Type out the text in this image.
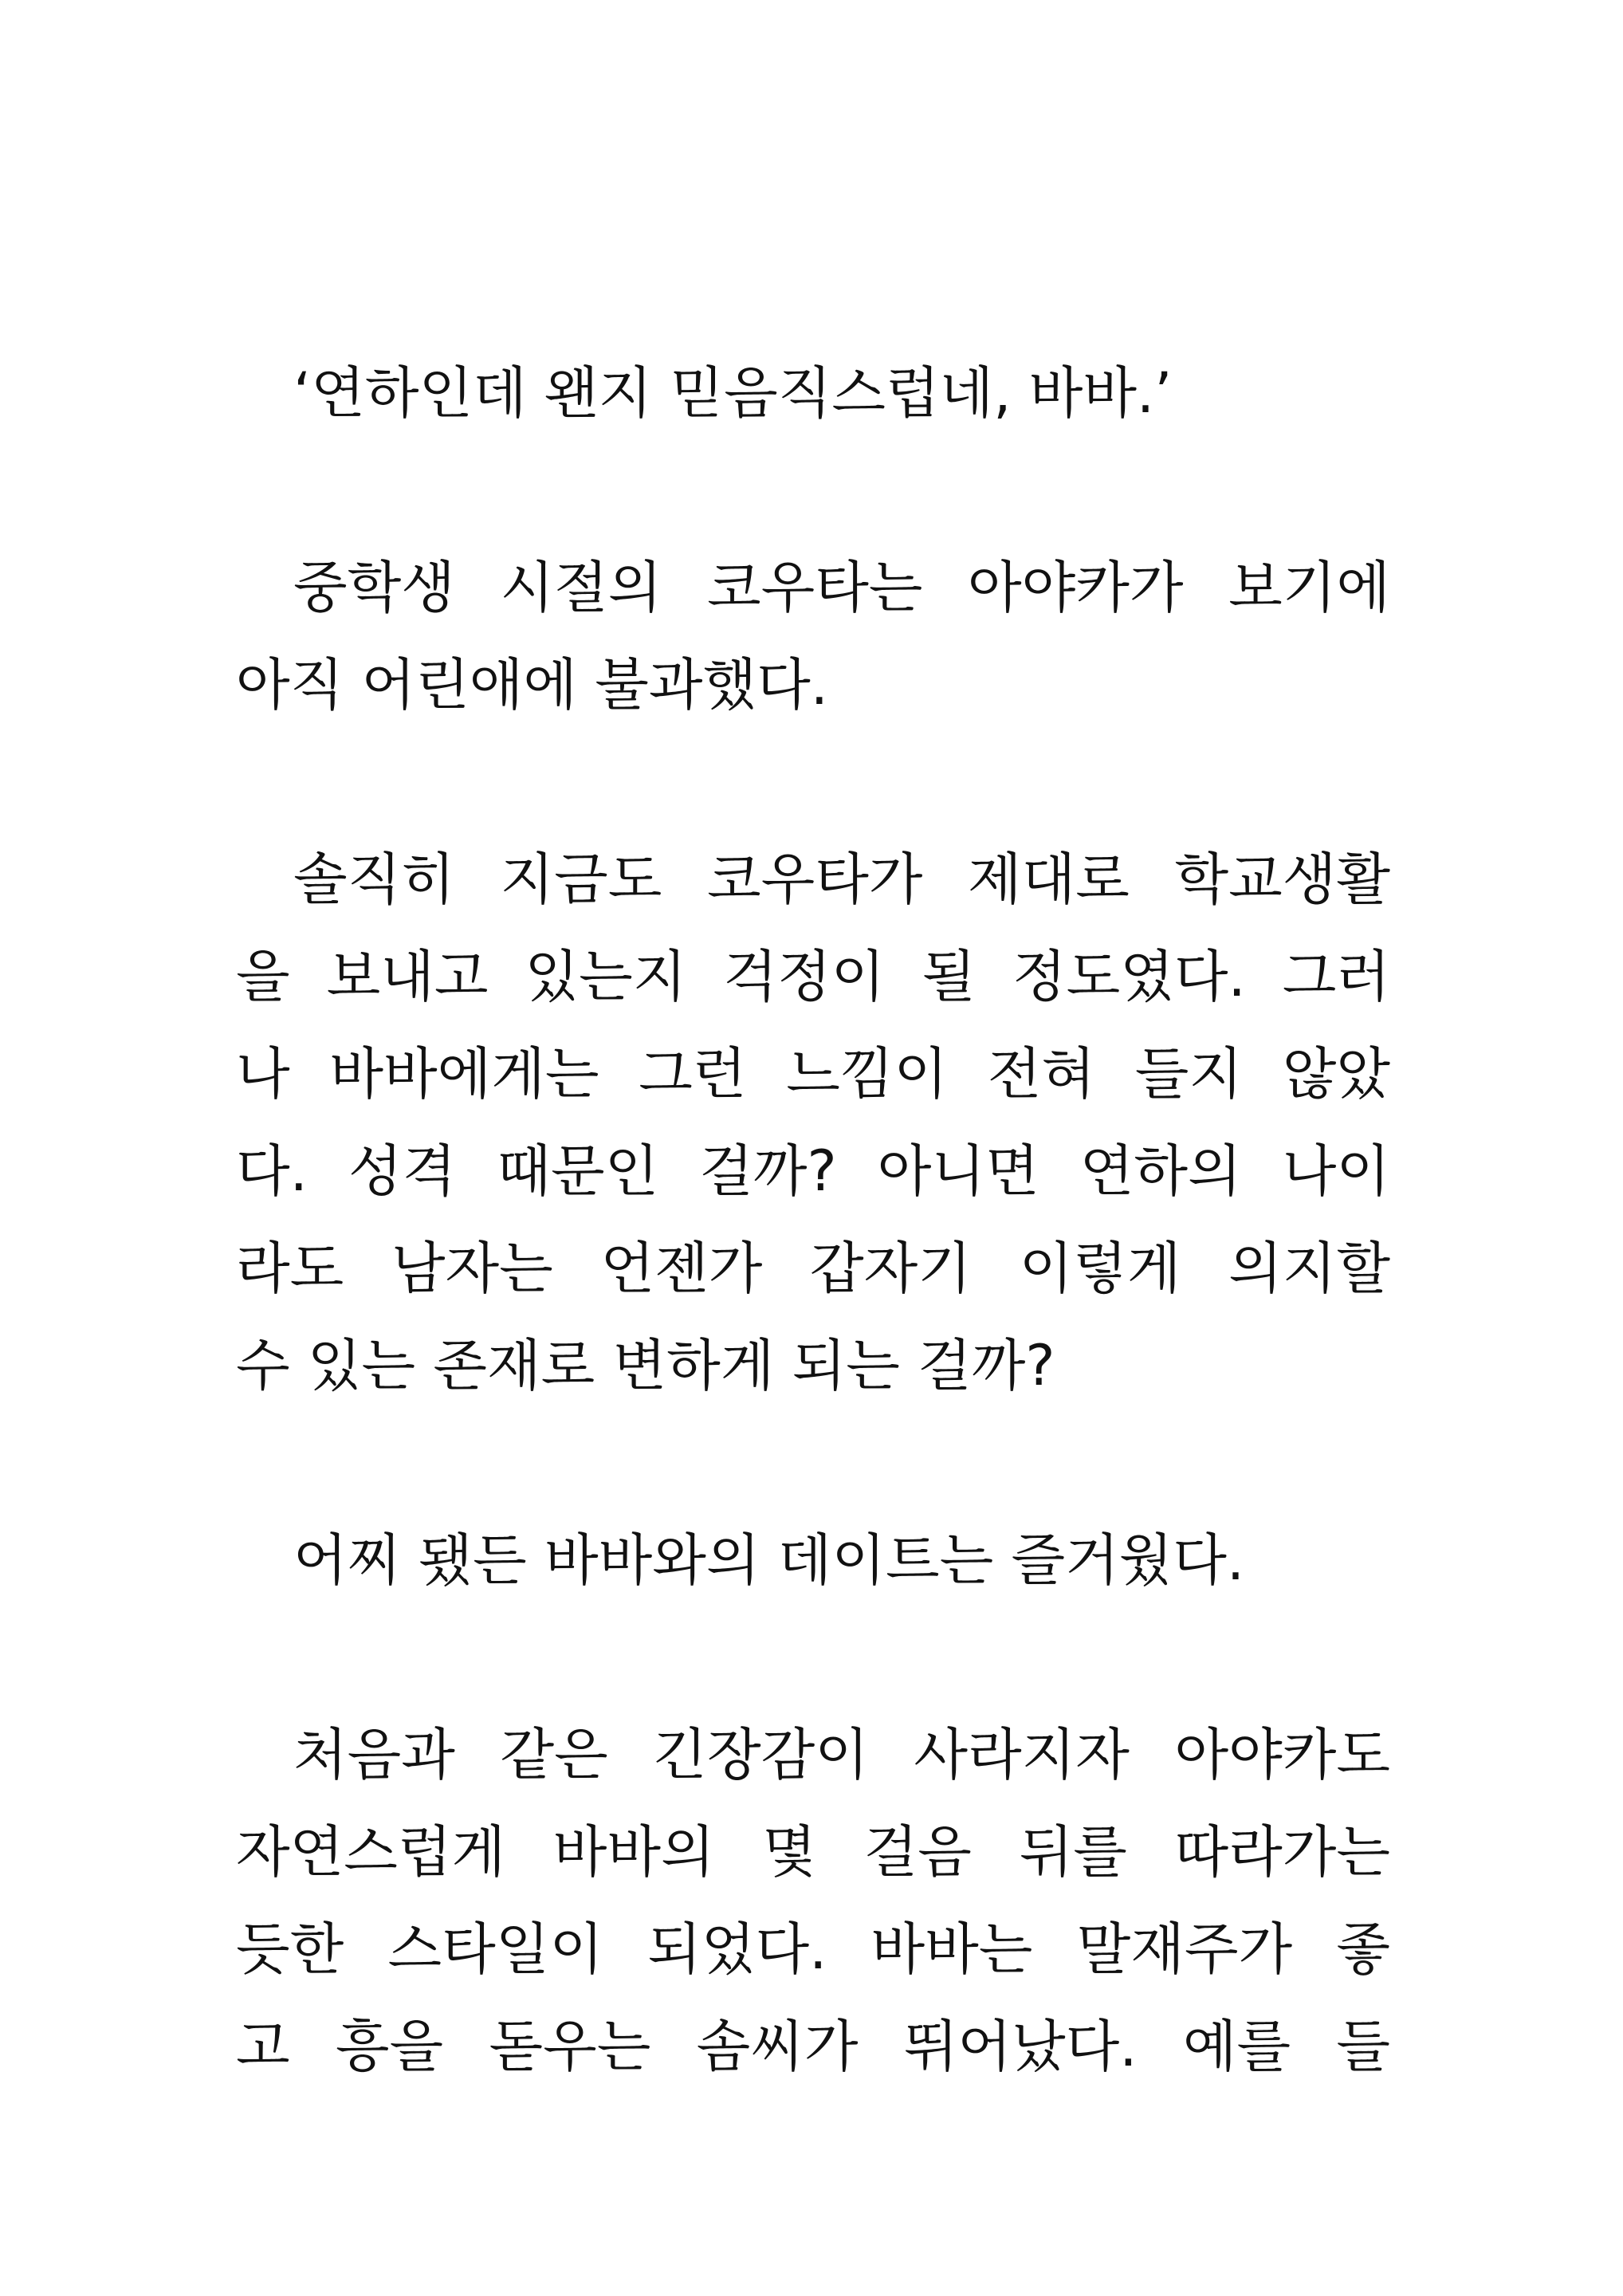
‘연하인데 왠지 믿음직스럽네, 바바.’
중학생 시절의 코우타는 아야카가 보기에
아직 어린애에 불과했다.
솔직히 지금도 코우타가 제대로 학교생활
을 보내고 있는지 걱정이 될 정도였다. 그러
나 바바에게는 그런 느낌이 전혀 들지 않았
다. 성격 때문인 걸까? 아니면 연하의 나이
라도 남자는 언젠가 갑자기 이렇게 의지할
수 있는 존재로 변하게 되는 걸까?
어찌 됐든 바바와의 데이트는 즐거웠다.
처음과 같은 긴장감이 사라지자 아야카도
자연스럽게 바바의 몇 걸음 뒤를 따라가는
듯한 스타일이 되었다. 바바는 말재주가 좋
고 흥을 돋우는 솜씨가 뛰어났다. 예를 들
